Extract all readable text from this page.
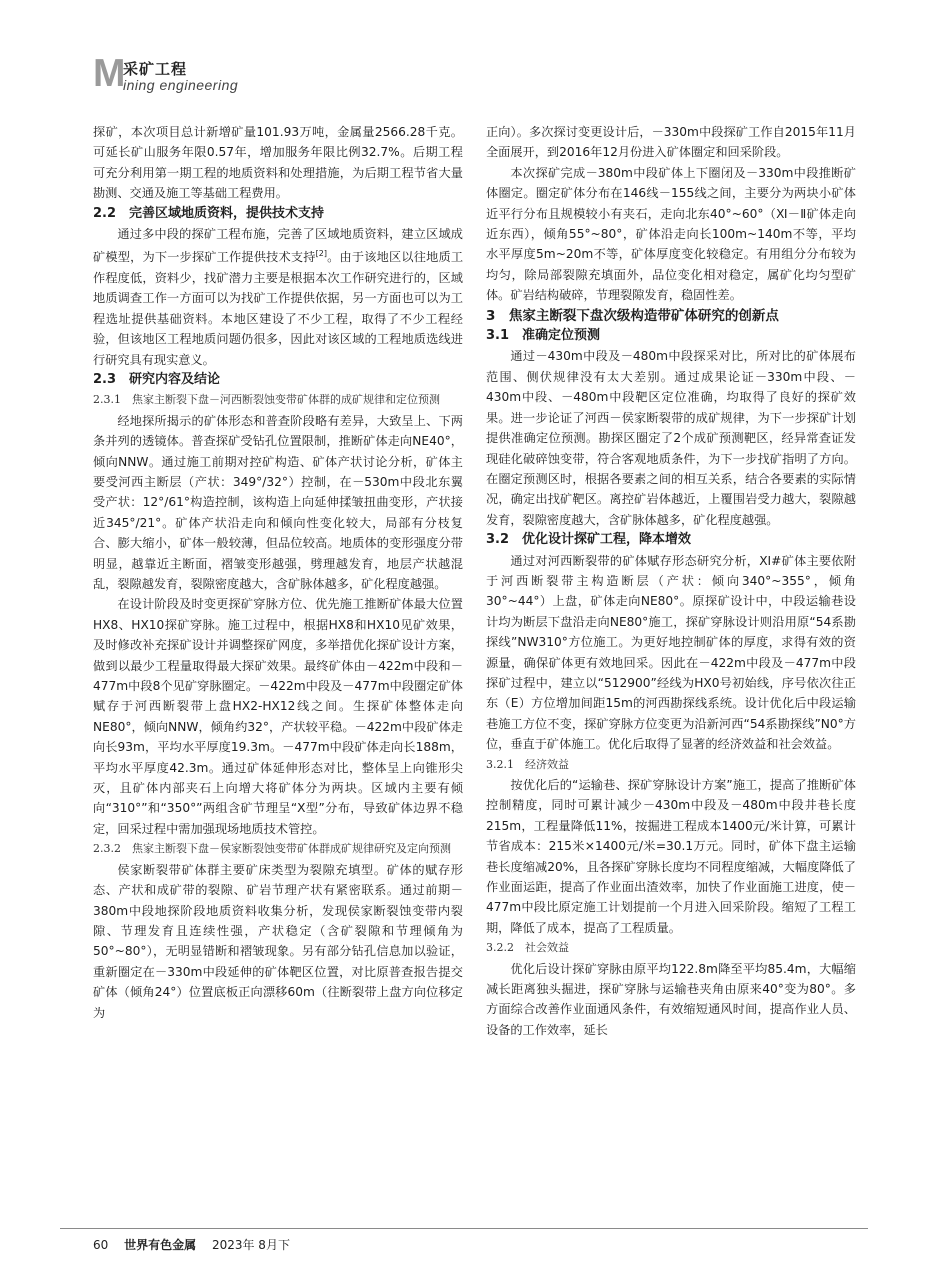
M
采矿工程
ining engineering

探矿，本次项目总计新增矿量101.93万吨，金属量2566.28千克。可延长矿山服务年限0.57年，增加服务年限比例32.7%。后期工程可充分利用第一期工程的地质资料和处理措施，为后期工程节省大量勘测、交通及施工等基础工程费用。

2.2　完善区域地质资料，提供技术支持

通过多中段的探矿工程布施，完善了区域地质资料，建立区域成矿模型，为下一步探矿工作提供技术支持[2]。由于该地区以往地质工作程度低，资料少，找矿潜力主要是根据本次工作研究进行的，区域地质调查工作一方面可以为找矿工作提供依据，另一方面也可以为工程选址提供基础资料。本地区建设了不少工程，取得了不少工程经验，但该地区工程地质问题仍很多，因此对该区域的工程地质选线进行研究具有现实意义。

2.3　研究内容及结论

2.3.1　焦家主断裂下盘－河西断裂蚀变带矿体群的成矿规律和定位预测

经地探所揭示的矿体形态和普查阶段略有差异，大致呈上、下两条并列的透镜体。普查探矿受钻孔位置限制，推断矿体走向NE40°，倾向NNW。通过施工前期对控矿构造、矿体产状讨论分析，矿体主要受河西主断层（产状：349°/32°）控制，在－530m中段北东翼受产状：12°/61°构造控制，该构造上向延伸揉皱扭曲变形，产状接近345°/21°。矿体产状沿走向和倾向性变化较大，局部有分枝复合、膨大缩小，矿体一般较薄，但品位较高。地质体的变形强度分带明显，越靠近主断面，褶皱变形越强，劈理越发育，地层产状越混乱，裂隙越发育，裂隙密度越大，含矿脉体越多，矿化程度越强。

在设计阶段及时变更探矿穿脉方位、优先施工推断矿体最大位置HX8、HX10探矿穿脉。施工过程中，根据HX8和HX10见矿效果，及时修改补充探矿设计并调整探矿网度，多举措优化探矿设计方案，做到以最少工程量取得最大探矿效果。最终矿体由－422m中段和－477m中段8个见矿穿脉圈定。－422m中段及－477m中段圈定矿体赋存于河西断裂带上盘HX2-HX12线之间。生探矿体整体走向NE80°，倾向NNW，倾角约32°，产状较平稳。－422m中段矿体走向长93m，平均水平厚度19.3m。－477m中段矿体走向长188m，平均水平厚度42.3m。通过矿体延伸形态对比，整体呈上向锥形尖灭，且矿体内部夹石上向增大将矿体分为两块。区域内主要有倾向“310°”和“350°”两组含矿节理呈“X型”分布，导致矿体边界不稳定，回采过程中需加强现场地质技术管控。

2.3.2　焦家主断裂下盘－侯家断裂蚀变带矿体群成矿规律研究及定向预测

侯家断裂带矿体群主要矿床类型为裂隙充填型。矿体的赋存形态、产状和成矿带的裂隙、矿岩节理产状有紧密联系。通过前期－380m中段地探阶段地质资料收集分析，发现侯家断裂蚀变带内裂隙、节理发育且连续性强，产状稳定（含矿裂隙和节理倾角为50°~80°），无明显错断和褶皱现象。另有部分钻孔信息加以验证，重新圈定在－330m中段延伸的矿体靶区位置，对比原普查报告提交矿体（倾角24°）位置底板正向漂移60m（往断裂带上盘方向位移定为

正向）。多次探讨变更设计后，－330m中段探矿工作自2015年11月全面展开，到2016年12月份进入矿体圈定和回采阶段。

本次探矿完成－380m中段矿体上下圈闭及－330m中段推断矿体圈定。圈定矿体分布在146线－155线之间，主要分为两块小矿体近平行分布且规模较小有夹石，走向北东40°~60°（Ⅺ－Ⅱ矿体走向近东西），倾角55°~80°，矿体沿走向长100m~140m不等，平均水平厚度5m~20m不等，矿体厚度变化较稳定。有用组分分布较为均匀，除局部裂隙充填面外，品位变化相对稳定，属矿化均匀型矿体。矿岩结构破碎，节理裂隙发育，稳固性差。

3　焦家主断裂下盘次级构造带矿体研究的创新点

3.1　准确定位预测

通过－430m中段及－480m中段探采对比，所对比的矿体展布范围、侧伏规律没有太大差别。通过成果论证－330m中段、－430m中段、－480m中段靶区定位准确，均取得了良好的探矿效果。进一步论证了河西－侯家断裂带的成矿规律，为下一步探矿计划提供准确定位预测。勘探区圈定了2个成矿预测靶区，经异常查证发现硅化破碎蚀变带，符合客观地质条件，为下一步找矿指明了方向。在圈定预测区时，根据各要素之间的相互关系，结合各要素的实际情况，确定出找矿靶区。离控矿岩体越近，上覆围岩受力越大，裂隙越发育，裂隙密度越大，含矿脉体越多，矿化程度越强。

3.2　优化设计探矿工程，降本增效

通过对河西断裂带的矿体赋存形态研究分析，XI#矿体主要依附于河西断裂带主构造断层（产状：倾向340°~355°，倾角30°~44°）上盘，矿体走向NE80°。原探矿设计中，中段运输巷设计均为断层下盘沿走向NE80°施工，探矿穿脉设计则沿用原“54系勘探线”NW310°方位施工。为更好地控制矿体的厚度，求得有效的资源量，确保矿体更有效地回采。因此在－422m中段及－477m中段探矿过程中，建立以“512900”经线为HX0号初始线，序号依次往正东（E）方位增加间距15m的河西勘探线系统。设计优化后中段运输巷施工方位不变，探矿穿脉方位变更为沿新河西“54系勘探线”N0°方位，垂直于矿体施工。优化后取得了显著的经济效益和社会效益。

3.2.1　经济效益

按优化后的“运输巷、探矿穿脉设计方案”施工，提高了推断矿体控制精度，同时可累计减少－430m中段及－480m中段井巷长度215m，工程量降低11%，按掘进工程成本1400元/米计算，可累计节省成本：215米×1400元/米=30.1万元。同时，矿体下盘主运输巷长度缩减20%，且各探矿穿脉长度均不同程度缩减，大幅度降低了作业面运距，提高了作业面出渣效率，加快了作业面施工进度，使－477m中段比原定施工计划提前一个月进入回采阶段。缩短了工程工期，降低了成本，提高了工程质量。

3.2.2　社会效益

优化后设计探矿穿脉由原平均122.8m降至平均85.4m，大幅缩减长距离独头掘进，探矿穿脉与运输巷夹角由原来40°变为80°。多方面综合改善作业面通风条件，有效缩短通风时间，提高作业人员、设备的工作效率，延长

60 世界有色金属 2023年 8月下
